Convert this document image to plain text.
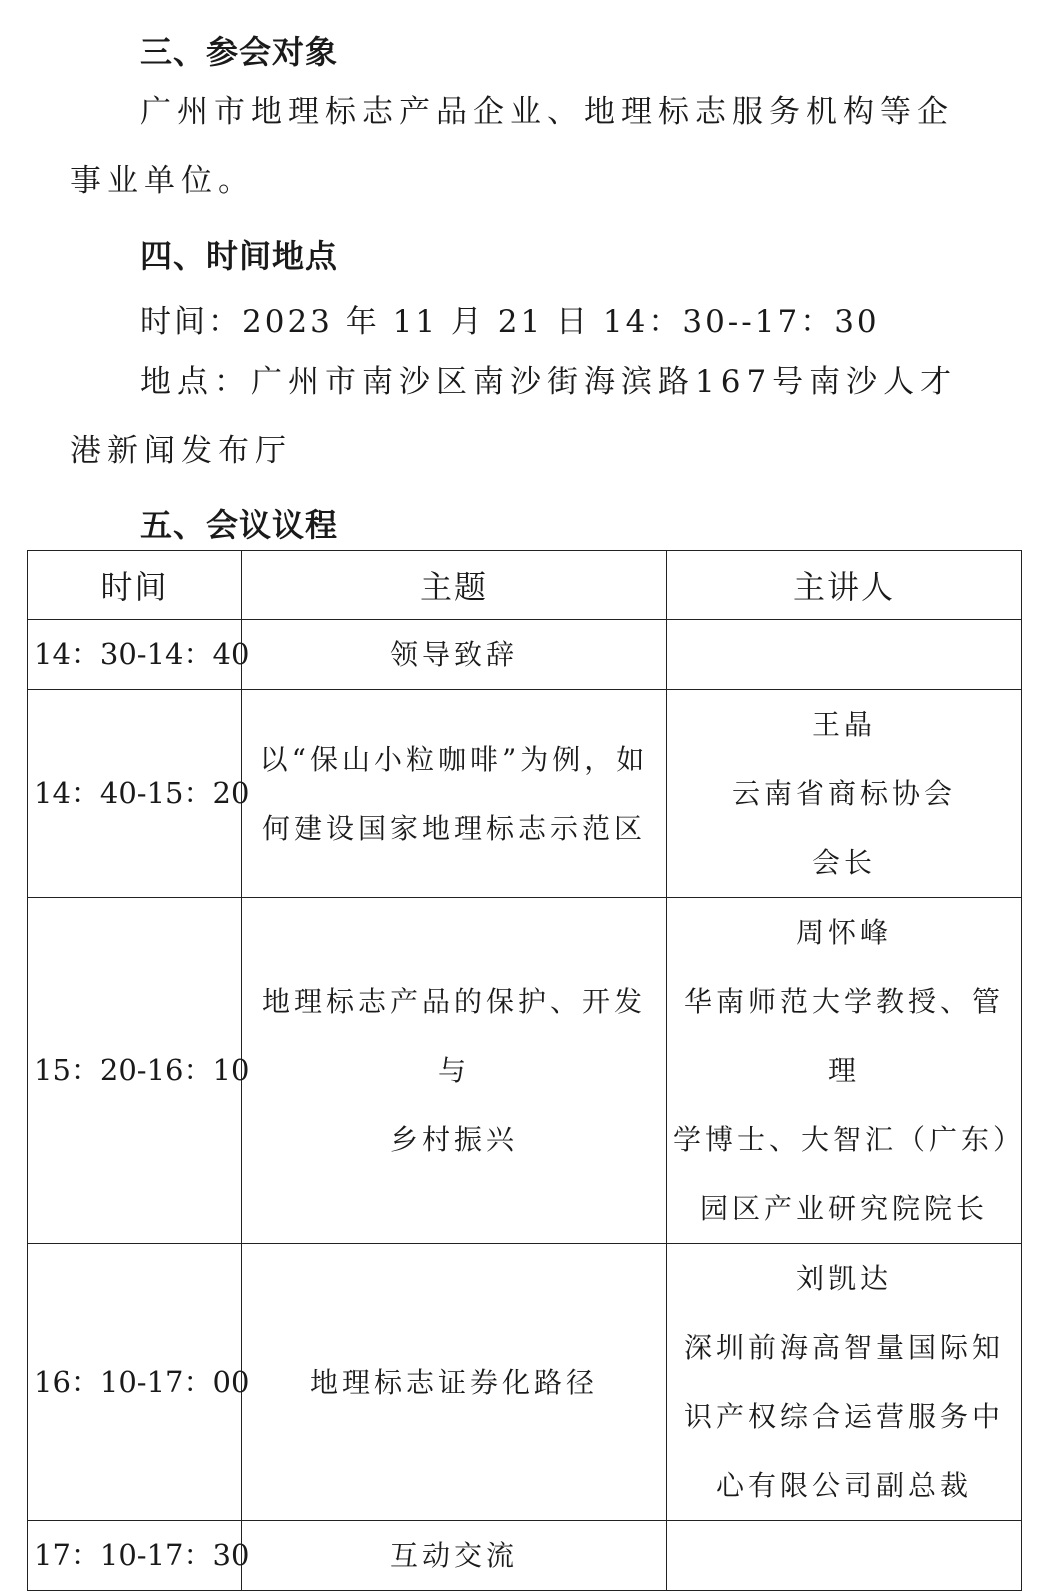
三、参会对象
广州市地理标志产品企业、地理标志服务机构等企事业单位。
四、时间地点
时间：2023 年 11 月 21 日 14：30--17：30
地点：广州市南沙区南沙街海滨路167号南沙人才港新闻发布厅
五、会议议程
时间	主题	主讲人
14：30-14：40	领导致辞	

14：40-15：20	以“保山小粒咖啡”为例，如
何建设国家地理标志示范区	王晶
云南省商标协会
会长

15：20-16：10	地理标志产品的保护、开发与
乡村振兴	周怀峰
华南师范大学教授、管理
学博士、大智汇（广东）
园区产业研究院院长

16：10-17：00	地理标志证券化路径	刘凯达
深圳前海高智量国际知
识产权综合运营服务中
心有限公司副总裁

17：10-17：30	互动交流	
